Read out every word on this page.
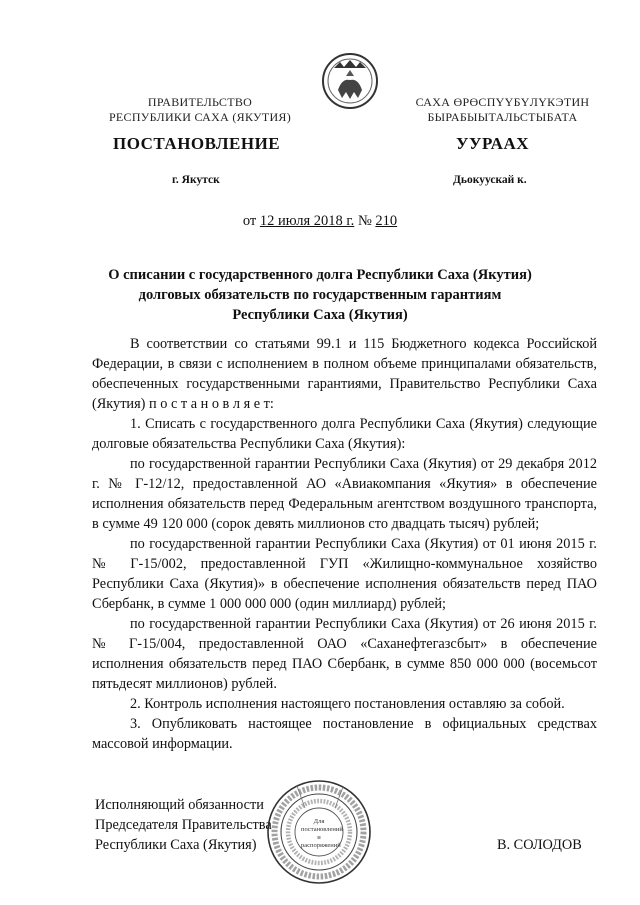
ПРАВИТЕЛЬСТВО
РЕСПУБЛИКИ САХА (ЯКУТИЯ)
САХА ӨРӨСПҮҮБҮЛҮКЭТИН
БЫРАБЫЫТАЛЬСТЫБАТА
ПОСТАНОВЛЕНИЕ	УУРААХ
г. Якутск	Дьокуускай к.
от 12 июля 2018 г. № 210
О списании с государственного долга Республики Саха (Якутия)
долговых обязательств по государственным гарантиям
Республики Саха (Якутия)

В соответствии со статьями 99.1 и 115 Бюджетного кодекса Российской Федерации, в связи с исполнением в полном объеме принципалами обязательств, обеспеченных государственными гарантиями, Правительство Республики Саха (Якутия) п о с т а н о в л я е т:

1. Списать с государственного долга Республики Саха (Якутия) следующие долговые обязательства Республики Саха (Якутия):

по государственной гарантии Республики Саха (Якутия) от 29 декабря 2012 г. № Г-12/12, предоставленной АО «Авиакомпания «Якутия» в обеспечение исполнения обязательств перед Федеральным агентством воздушного транспорта, в сумме 49 120 000 (сорок девять миллионов сто двадцать тысяч) рублей;

по государственной гарантии Республики Саха (Якутия) от 01 июня 2015 г. № Г-15/002, предоставленной ГУП «Жилищно-коммунальное хозяйство Республики Саха (Якутия)» в обеспечение исполнения обязательств перед ПАО Сбербанк, в сумме 1 000 000 000 (один миллиард) рублей;

по государственной гарантии Республики Саха (Якутия) от 26 июня 2015 г. № Г-15/004, предоставленной ОАО «Саханефтегазсбыт» в обеспечение исполнения обязательств перед ПАО Сбербанк, в сумме 850 000 000 (восемьсот пятьдесят миллионов) рублей.

2. Контроль исполнения настоящего постановления оставляю за собой.

3. Опубликовать настоящее постановление в официальных средствах массовой информации.

Исполняющий обязанности
Председателя Правительства
Республики Саха (Якутия)	В. СОЛОДОВ
Для постановлений и распоряжений
